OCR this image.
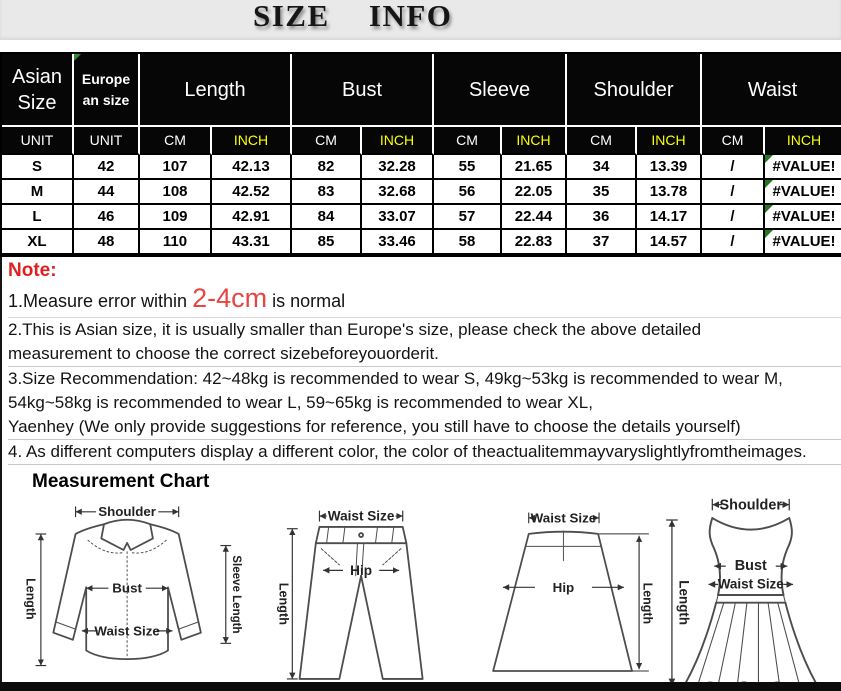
SIZE INFO
Asian Size	Europe an size	Length		Bust		Sleeve		Shoulder		Waist	
UNIT	UNIT	CM	INCH	CM	INCH	CM	INCH	CM	INCH	CM	INCH
S	42	107	42.13	82	32.28	55	21.65	34	13.39	/	#VALUE!
M	44	108	42.52	83	32.68	56	22.05	35	13.78	/	#VALUE!
L	46	109	42.91	84	33.07	57	22.44	36	14.17	/	#VALUE!
XL	48	110	43.31	85	33.46	58	22.83	37	14.57	/	#VALUE!
Note:
1.Measure error within 2-4cm is normal
2.This is Asian size, it is usually smaller than Europe's size, please check the above detailed
measurement to choose the correct sizebeforeyouorderit.
3.Size Recommendation: 42~48kg is recommended to wear S, 49kg~53kg is recommended to wear M,
54kg~58kg is recommended to wear L, 59~65kg is recommended to wear XL,
Yaenhey (We only provide suggestions for reference, you still have to choose the details yourself)
4. As different computers display a different color, the color of theactualitemmayvaryslightlyfromtheimages.
Measurement Chart
Shoulder
Length	Bust
Waist Size	Sleeve Length
Waist Size
Hip
Length
Waist Size
Hip	Length
Shoulder
Bust
Waist Size
Length
